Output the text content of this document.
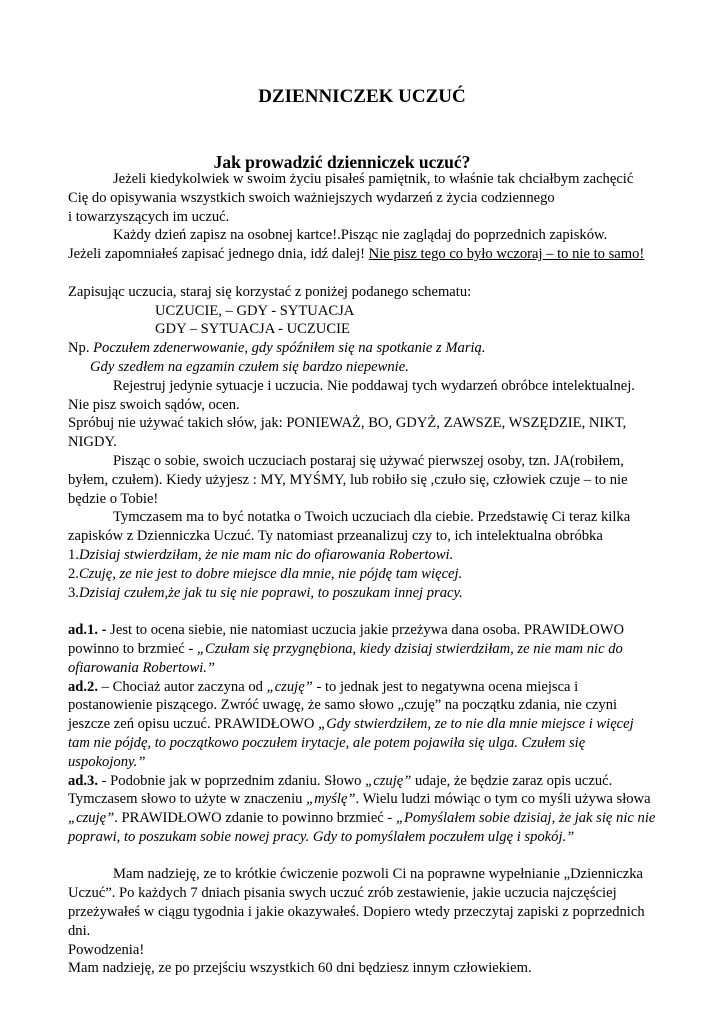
DZIENNICZEK UCZUĆ
Jak prowadzić dzienniczek uczuć?
Jeżeli kiedykolwiek w swoim życiu pisałeś pamiętnik, to właśnie tak chciałbym zachęcić
Cię do opisywania wszystkich swoich ważniejszych wydarzeń z życia codziennego
i towarzyszących im uczuć.
Każdy dzień zapisz na osobnej kartce!.Pisząc nie zaglądaj do poprzednich zapisków.
Jeżeli zapomniałeś zapisać jednego dnia, idź dalej! Nie pisz tego co było wczoraj – to nie to samo!
Zapisując uczucia, staraj się korzystać z poniżej podanego schematu:
UCZUCIE, – GDY - SYTUACJA
GDY – SYTUACJA - UCZUCIE
Np. Poczułem zdenerwowanie, gdy spóźniłem się na spotkanie z Marią.
Gdy szedłem na egzamin czułem się bardzo niepewnie.
Rejestruj jedynie sytuacje i uczucia. Nie poddawaj tych wydarzeń obróbce intelektualnej.
Nie pisz swoich sądów, ocen.
Spróbuj nie używać takich słów, jak: PONIEWAŻ, BO, GDYŻ, ZAWSZE, WSZĘDZIE, NIKT,
NIGDY.
Pisząc o sobie, swoich uczuciach postaraj się używać pierwszej osoby, tzn. JA(robiłem,
byłem, czułem). Kiedy użyjesz : MY, MYŚMY, lub robiło się ,czuło się, człowiek czuje – to nie
będzie o Tobie!
Tymczasem ma to być notatka o Twoich uczuciach dla ciebie. Przedstawię Ci teraz kilka
zapisków z Dzienniczka Uczuć. Ty natomiast przeanalizuj czy to, ich intelektualna obróbka
1.Dzisiaj stwierdziłam, że nie mam nic do ofiarowania Robertowi.
2.Czuję, ze nie jest to dobre miejsce dla mnie, nie pójdę tam więcej.
3.Dzisiaj czułem,że jak tu się nie poprawi, to poszukam innej pracy.
ad.1. - Jest to ocena siebie, nie natomiast uczucia jakie przeżywa dana osoba. PRAWIDŁOWO
powinno to brzmieć - „Czułam się przygnębiona, kiedy dzisiaj stwierdziłam, ze nie mam nic do
ofiarowania Robertowi.”
ad.2. – Chociaż autor zaczyna od „czuję” - to jednak jest to negatywna ocena miejsca i
postanowienie piszącego. Zwróć uwagę, że samo słowo „czuję” na początku zdania, nie czyni
jeszcze zeń opisu uczuć. PRAWIDŁOWO „Gdy stwierdziłem, ze to nie dla mnie miejsce i więcej
tam nie pójdę, to początkowo poczułem irytacje, ale potem pojawiła się ulga. Czułem się
uspokojony.”
ad.3. - Podobnie jak w poprzednim zdaniu. Słowo „czuję” udaje, że będzie zaraz opis uczuć.
Tymczasem słowo to użyte w znaczeniu „myślę”. Wielu ludzi mówiąc o tym co myśli używa słowa
„czuję”. PRAWIDŁOWO zdanie to powinno brzmieć - „Pomyślałem sobie dzisiaj, że jak się nic nie
poprawi, to poszukam sobie nowej pracy. Gdy to pomyślałem poczułem ulgę i spokój.”
Mam nadzieję, ze to krótkie ćwiczenie pozwoli Ci na poprawne wypełnianie „Dzienniczka
Uczuć”. Po każdych 7 dniach pisania swych uczuć zrób zestawienie, jakie uczucia najczęściej
przeżywałeś w ciągu tygodnia i jakie okazywałeś. Dopiero wtedy przeczytaj zapiski z poprzednich
dni.
Powodzenia!
Mam nadzieję, ze po przejściu wszystkich 60 dni będziesz innym człowiekiem.
